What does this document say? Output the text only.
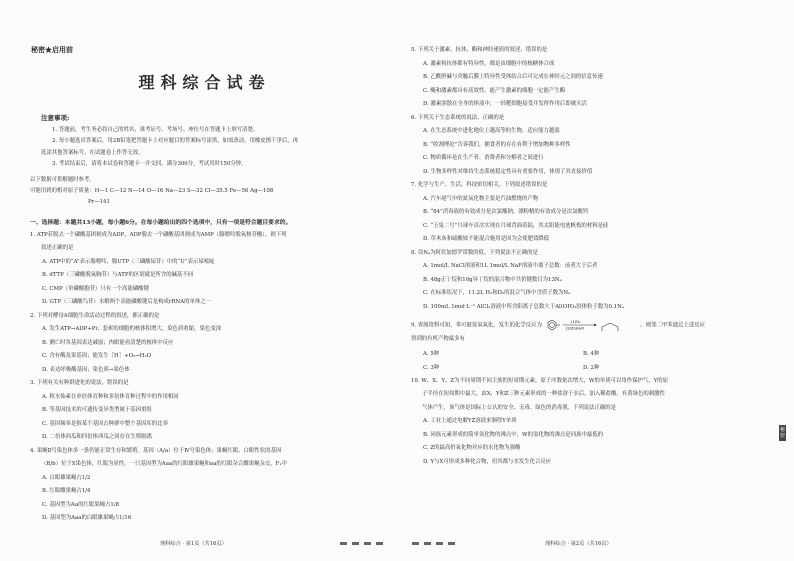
秘密★启用前
理科综合试卷
注意事项:

1. 答题前，考生务必将自己的姓名、准考证号、考场号、座位号在答题卡上填写清楚。

2. 每小题选出答案后，用2B铅笔把答题卡上对应题目的答案标号涂黑，如需改动，用橡皮擦干净后，再

选涂其他答案标号。在试题卷上作答无效。

3. 考试结束后，请将本试卷和答题卡一并交回。满分300分，考试用时150分钟。

以下数据可供解题时参考。

可能用到的相对原子质量：H—1 C—12 N—14 O—16 Na—23 S—32 Cl—35.5 Fe—56 Ag—108

Pr—141

一、选择题：本题共13小题，每小题6分。在每小题给出的四个选项中，只有一项是符合题目要求的。

1. ATP若脱去一个磷酸基团则成为ADP，ADP脱去一个磷酸基团则成为AMP（腺嘌呤脱氧核苷酸），则下列

叙述正确的是

A. ATP中的“A”表示腺嘌呤，腺UTP（三磷酸尿苷）中的“U”表示尿嘧啶

B. dTTP（三磷酸脱氧胸苷）与ATP的区别就是所含的碱基不同

C. CMP（单磷酸胞苷）只有一个高能磷酸键

D. GTP（三磷酸鸟苷）水解两个高能磷酸键后是构成rRNA的单体之一

2. 下列对酵母A细胞生命活动过程的叙述，都正确的是

A. 发生ATP→ADP+Pi；套索的细胞的核体积增大，染色质收缩，染色变深

B. 测亡时各基因表达减弱；肉眼能看清楚的核体中反应

C. 含有酶及果基因；能发生［H］+O₂→H₂O

D. 表达呼吸酶基因；染色质→染色体

3. 下列有关有种群进化的说法，错误的是

A. 秋水仙素在单倍体育种和多倍体育种过程中的作用相同

B. 等基因技术的可遗传变异类型属于基因重组

C. 基因频率是指某个基因占种群中整个基因库的比率

D. 二倍体西瓜和四倍体西瓜之间存在生殖隔离

4. 果蝇Ⅱ号染色体多一条仍能正常生存和繁殖。基因（A/a）位于Ⅳ号染色体；果蝇红眼、白眼性状的基因

（B/b）位于X染色体，红眼为显性。一只基因型为Aaa的红眼雄果蝇和aa的红眼杂合雌果蝇杂交，F₁中

A. 白眼雄果蝇占1/2

B. 红眼雌果蝇占1/4

C. 基因型为Aa的红眼果蝇占1/8

D. 基因型为Aaa的白眼雄果蝇占1/16

5. 下列关于激素、抗体、酶和神经递质的叙述，错误的是

A. 激素和抗体都有特异性，都是由细胞中的核糖体合成

B. 乙酰胆碱与突触后膜上特异性受体结合后可完成在神经元之间的信息传递

C. 酶和激素都具有高效性，能产生激素的细胞一定能产生酶

D. 激素弥散在全身的体液中，一经靶细胞接受并发挥作用后即被灭活

6. 下列关于生态系统的说法，正确的是

A. 在生态系统中进化地位上越高等的生物，适应能力越弱

B. “收割理论”告诉我们，捕食者的存在有利于增加物种多样性

C. 物质循环是在生产者、消费者和分解者之间进行

D. 生物多样性对维持生态系统稳定性具有重要作用，体现了其直接价值

7. 化学与生产、生活、科技密切相关。下列叙述错误的是

A. 汽车尾气中的氮氧化物主要是汽油燃烧的产物

B. “84”消毒液的有效成分是次氯酸钠，漂粉精的有效成分是次氯酸钙

C. “玉兔二号”月球车首次实现在月球背面着陆，其太阳能电池帆板的材料是硅

D. 草木灰和硫酸铵不能混合施用是因为会使肥效降低

8. 设Nₐ为阿伏加德罗常数的值，下列说法不正确的是

A. 1mol/L NaCl溶液和1L 1mol/L NaF溶液中离子总数：前者大于后者

B. 48g正丁烷和10g异丁烷的混合物中共价键数目为13Nₐ

C. 在标准状况下，11.2L H₂和D₂的混合气体中含质子数为Nₐ

D. 100mL 1mol·L⁻¹ AlCl₃溶液中所含阳离子总数大于Al(OH)₃胶体粒子数为0.1Nₐ

9. 查阅资料可知，苯可被臭氧氧化，发生的化学反应为
(1)O₃
(2)Zn/H₂O	。则邻二甲苯通过上述反应

得到的有机产物最多有

A. 5种	B. 4种
C. 3种	D. 2种

10. W、X、Y、Z为不同周期不同主族的短周期元素，原子序数依次增大，W的单质可以用作保护气，Y的原

子半径在短周期中最大，由X、Y和Z三种元素形成的一种盐溶于水后，加入稀盐酸，有黄绿色的刺激性

气体产生，该气体是国际上公认的安全、无毒、绿色的消毒剂。下列说法正确的是

A. 工业上通过电解YZ溶液来制得Y单质

B. 同族元素形成的简单氢化物的沸点中，W的氢化物的沸点是同族中最低的

C. Z的最高价氧化物对应的水化物为强酸

D. Y与X可形成多种化合物，但其都与水发生化合反应

理科综合 · 第1页（共16页）	理科综合 · 第2页（共16页）
秘密
